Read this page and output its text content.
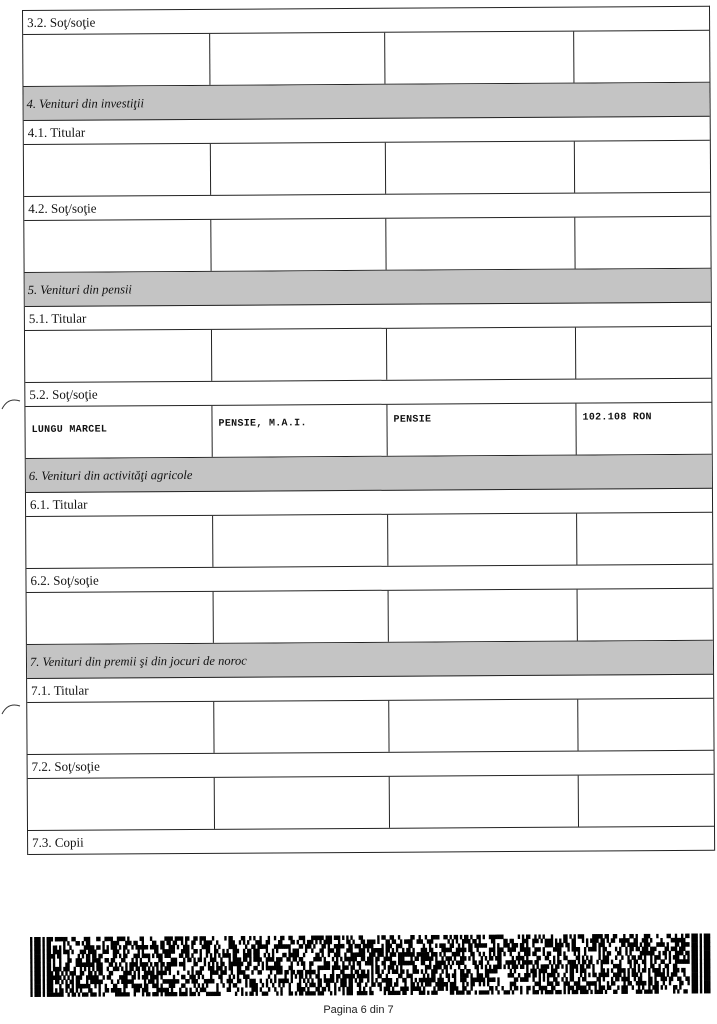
3.2. Soţ/soţie
4. Venituri din investiţii
4.1. Titular
4.2. Soţ/soţie
5. Venituri din pensii
5.1. Titular
5.2. Soţ/soţie
LUNGU MARCEL
PENSIE, M.A.I.	PENSIE	102.108 RON
6. Venituri din activităţi agricole
6.1. Titular
6.2. Soţ/soţie
7. Venituri din premii şi din jocuri de noroc
7.1. Titular
7.2. Soţ/soţie
7.3. Copii
Pagina 6 din 7
